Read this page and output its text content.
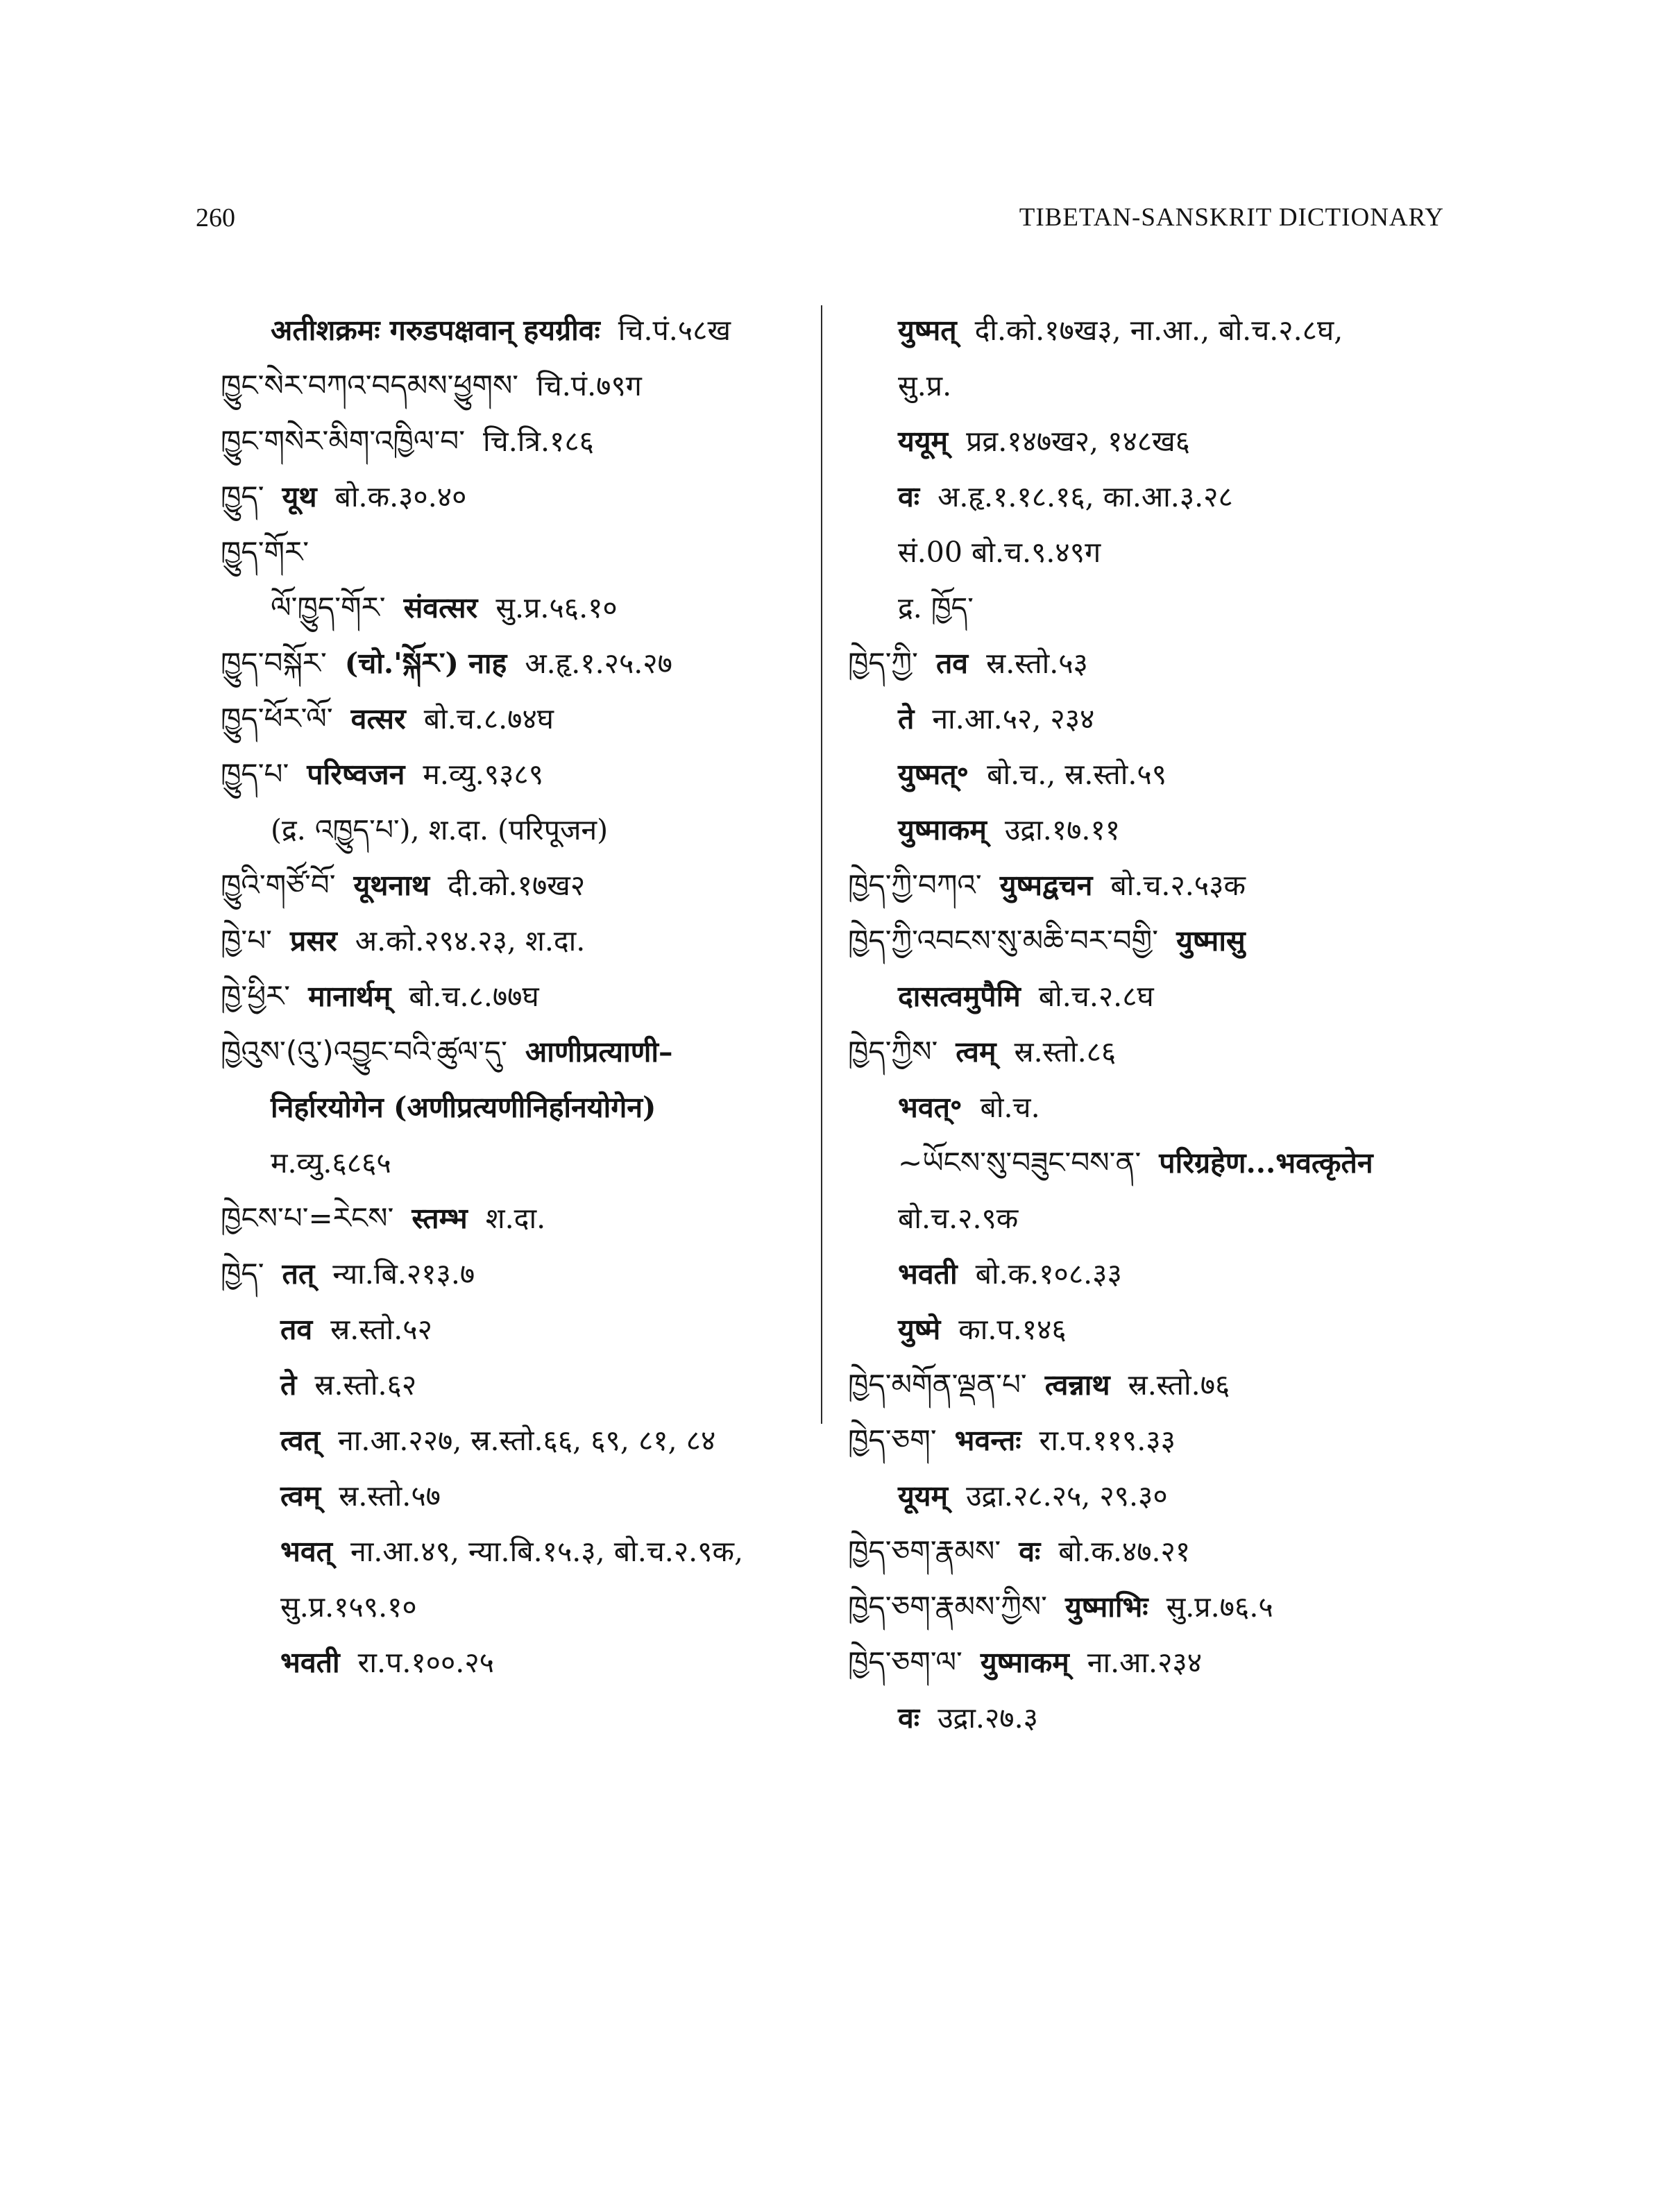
260	TIBETAN-SANSKRIT DICTIONARY
अतीशक्रमः गरुडपक्षवान् हयग्रीवः चि.पं.५८ख
ཁྱུང་སེར་བཀའ་བདམས་ཕྱུགས་ चि.पं.७९ग
ཁྱུང་གསེར་མིག་འཁྱིལ་བ་ चि.त्रि.१८६
ཁྱུད་ यूथ बो.क.३०.४०
ཁྱུད་གོར་
ལོ་ཁྱུད་གོར་ संवत्सर सु.प्र.५६.१०
ཁྱུད་བསྐོར་ (चो.'སྐོར་) नाह अ.हृ.१.२५.२७
ཁྱུད་ཕོར་ལོ་ वत्सर बो.च.८.७४घ
ཁྱུད་པ་ परिष्वजन म.व्यु.९३८९
(द्र. འཁྱུད་པ་), श.दा. (परिपूजन)
ཁྱུའི་གཙོ་བོ་ यूथनाथ दी.को.१७ख२
ཁྱེ་པ་ प्रसर अ.को.२९४.२३, श.दा.
ཁྱེ་ཕྱིར་ मानार्थम् बो.च.८.७७घ
ཁྱེའུས་(འུ་)འབྱུང་བའི་ཚུལ་དུ་ आणीप्रत्याणी–
निर्हारयोगेन (अणीप्रत्यणीनिर्हानयोगेन)
म.व्यु.६८६५
ཁྱེངས་པ་=རེངས་ स्तम्भ श.दा.
ཁྱེད་ तत् न्या.बि.२१३.७
तव स्र.स्तो.५२
ते स्र.स्तो.६२
त्वत् ना.आ.२२७, स्र.स्तो.६६, ६९, ८१, ८४
त्वम् स्र.स्तो.५७
भवत् ना.आ.४९, न्या.बि.१५.३, बो.च.२.९क,
सु.प्र.१५९.१०
भवती रा.प.१००.२५
युष्मत् दी.को.१७ख३, ना.आ., बो.च.२.८घ,
सु.प्र.
ययूम् प्रव्र.१४७ख२, १४८ख६
वः अ.हृ.१.१८.१६, का.आ.३.२८
सं.00 बो.च.९.४९ग
द्र. ཁྱོད་
ཁྱེད་ཀྱི་ तव स्र.स्तो.५३
ते ना.आ.५२, २३४
युष्मत्॰ बो.च., स्र.स्तो.५९
युष्माकम् उद्रा.१७.११
ཁྱེད་ཀྱི་བཀའ་ युष्मद्वचन बो.च.२.५३क
ཁྱེད་ཀྱི་འབངས་སུ་མཆི་བར་བགྱི་ युष्मासु
दासत्वमुपैमि बो.च.२.८घ
ཁྱེད་ཀྱིས་ त्वम् स्र.स्तो.८६
भवत्॰ बो.च.
~ཡོངས་སུ་བཟུང་བས་ན་ परिग्रहेण...भवत्कृतेन
बो.च.२.९क
भवती बो.क.१०८.३३
युष्मे का.प.१४६
ཁྱེད་མགོན་ལྡན་པ་ त्वन्नाथ स्र.स्तो.७६
ཁྱེད་ཅག་ भवन्तः रा.प.११९.३३
यूयम् उद्रा.२८.२५, २९.३०
ཁྱེད་ཅག་རྣམས་ वः बो.क.४७.२१
ཁྱེད་ཅག་རྣམས་ཀྱིས་ युष्माभिः सु.प्र.७६.५
ཁྱེད་ཅག་ལ་ युष्माकम् ना.आ.२३४
वः उद्रा.२७.३
